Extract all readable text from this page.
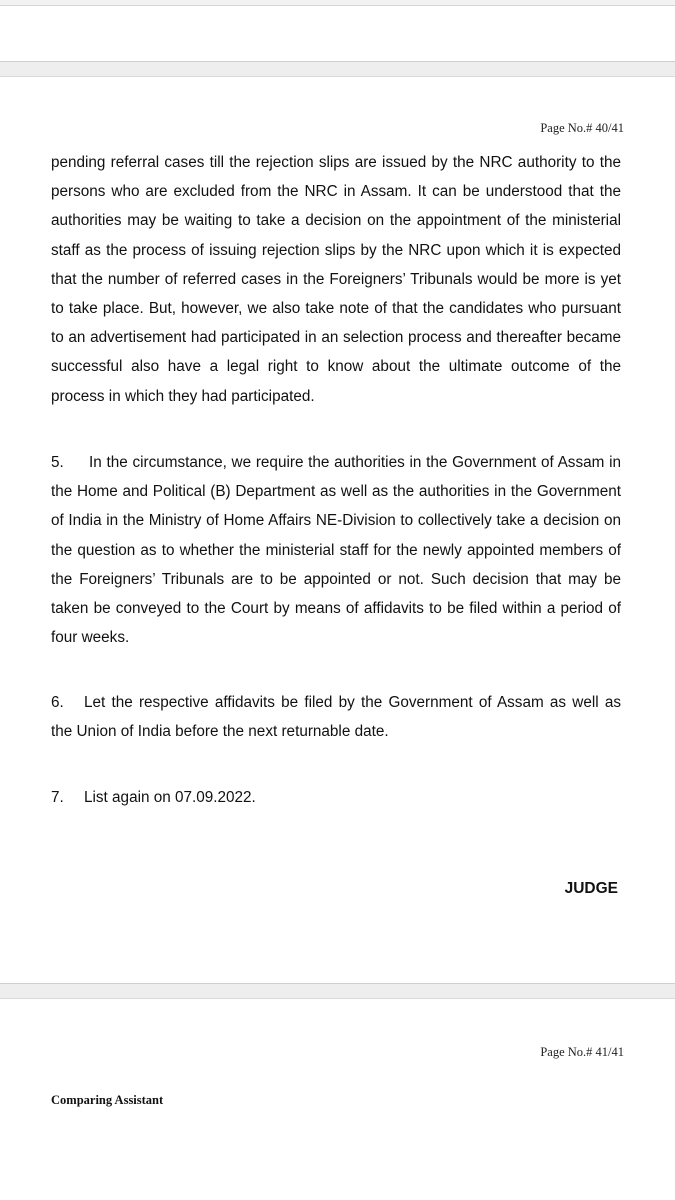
Page No.# 40/41
pending referral cases till the rejection slips are issued by the NRC authority to the persons who are excluded from the NRC in Assam. It can be understood that the authorities may be waiting to take a decision on the appointment of the ministerial staff as the process of issuing rejection slips by the NRC upon which it is expected that the number of referred cases in the Foreigners’ Tribunals would be more is yet to take place. But, however, we also take note of that the candidates who pursuant to an advertisement had participated in an selection process and thereafter became successful also have a legal right to know about the ultimate outcome of the process in which they had participated.
5. In the circumstance, we require the authorities in the Government of Assam in the Home and Political (B) Department as well as the authorities in the Government of India in the Ministry of Home Affairs NE-Division to collectively take a decision on the question as to whether the ministerial staff for the newly appointed members of the Foreigners’ Tribunals are to be appointed or not. Such decision that may be taken be conveyed to the Court by means of affidavits to be filed within a period of four weeks.
6. Let the respective affidavits be filed by the Government of Assam as well as the Union of India before the next returnable date.
7. List again on 07.09.2022.
JUDGE
Page No.# 41/41
Comparing Assistant
